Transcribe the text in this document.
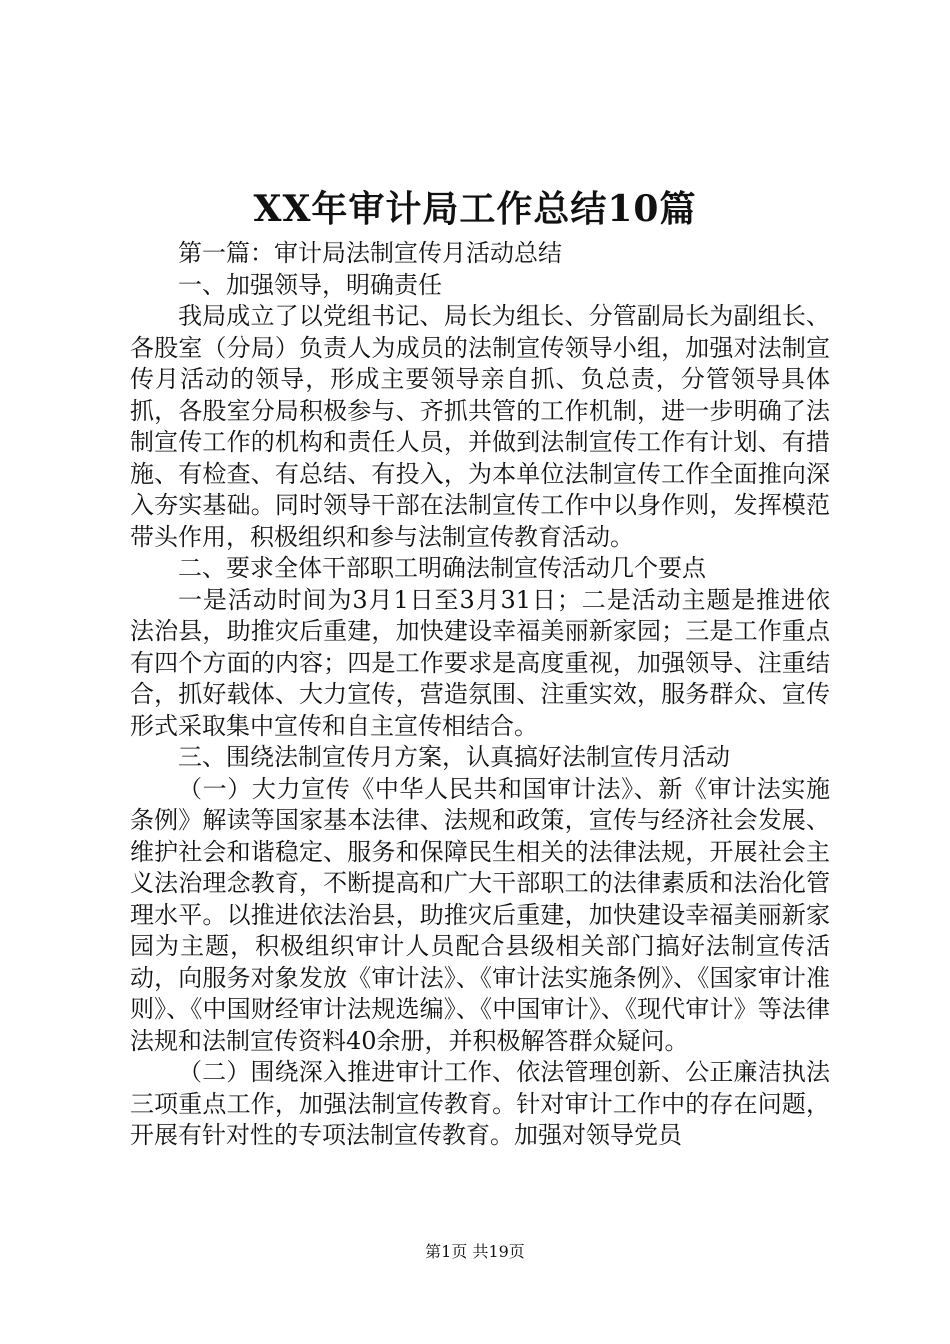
XX年审计局工作总结10篇

第一篇：审计局法制宣传月活动总结

一、加强领导，明确责任

我局成立了以党组书记、局长为组长、分管副局长为副组长、各股室（分局）负责人为成员的法制宣传领导小组，加强对法制宣传月活动的领导，形成主要领导亲自抓、负总责，分管领导具体抓，各股室分局积极参与、齐抓共管的工作机制，进一步明确了法制宣传工作的机构和责任人员，并做到法制宣传工作有计划、有措施、有检查、有总结、有投入，为本单位法制宣传工作全面推向深入夯实基础。同时领导干部在法制宣传工作中以身作则，发挥模范带头作用，积极组织和参与法制宣传教育活动。

二、要求全体干部职工明确法制宣传活动几个要点

一是活动时间为3月1日至3月31日；二是活动主题是推进依法治县，助推灾后重建，加快建设幸福美丽新家园；三是工作重点有四个方面的内容；四是工作要求是高度重视，加强领导、注重结合，抓好载体、大力宣传，营造氛围、注重实效，服务群众、宣传形式采取集中宣传和自主宣传相结合。

三、围绕法制宣传月方案，认真搞好法制宣传月活动

（一）大力宣传《中华人民共和国审计法》、新《审计法实施条例》解读等国家基本法律、法规和政策，宣传与经济社会发展、维护社会和谐稳定、服务和保障民生相关的法律法规，开展社会主义法治理念教育，不断提高和广大干部职工的法律素质和法治化管理水平。以推进依法治县，助推灾后重建，加快建设幸福美丽新家园为主题，积极组织审计人员配合县级相关部门搞好法制宣传活动，向服务对象发放《审计法》、《审计法实施条例》、《国家审计准则》、《中国财经审计法规选编》、《中国审计》、《现代审计》等法律法规和法制宣传资料40余册，并积极解答群众疑问。

（二）围绕深入推进审计工作、依法管理创新、公正廉洁执法三项重点工作，加强法制宣传教育。针对审计工作中的存在问题，开展有针对性的专项法制宣传教育。加强对领导党员

第1页 共19页
